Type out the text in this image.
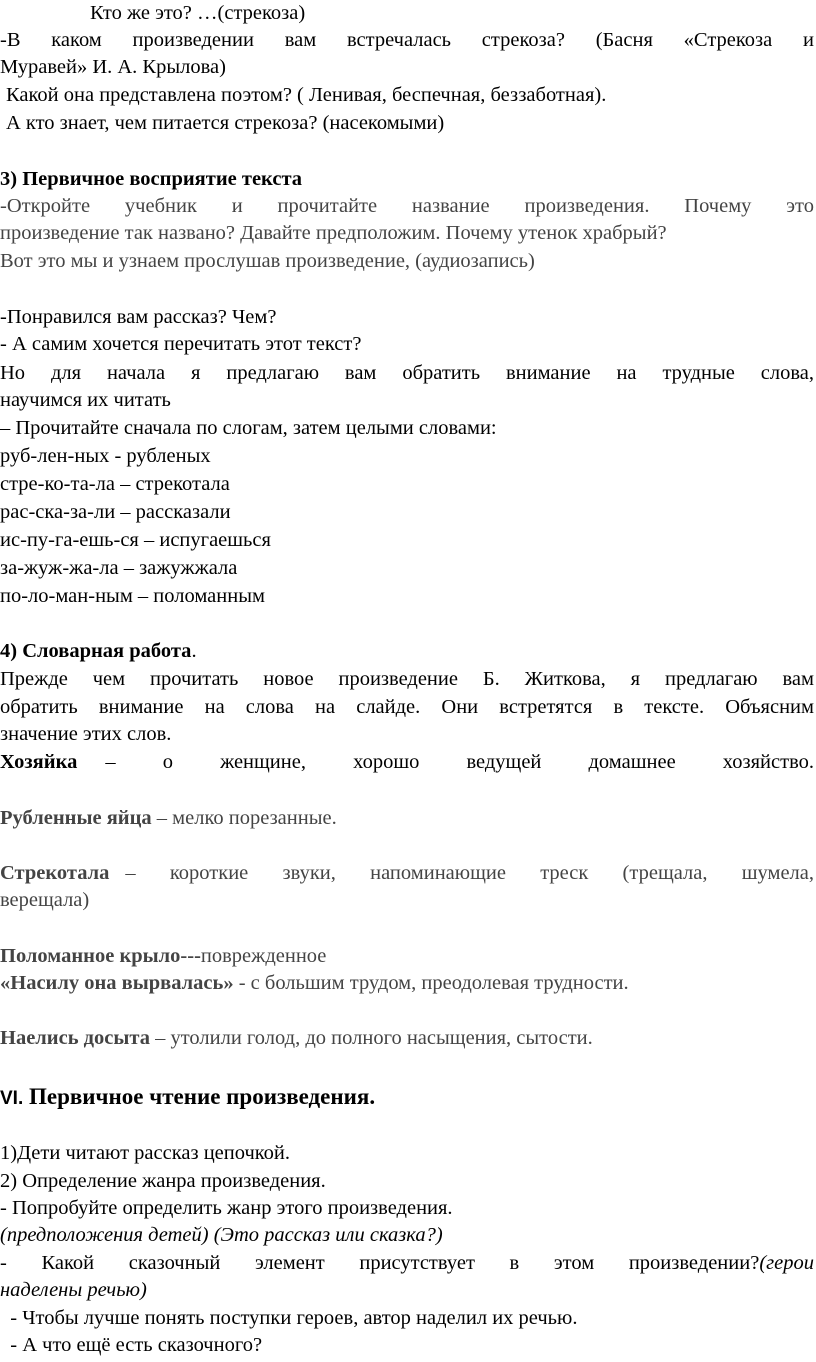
Кто же это? …(стрекоза)

-В каком произведении вам встречалась стрекоза? (Басня «Стрекоза и

Муравей» И. А. Крылова)

Какой она представлена поэтом? ( Ленивая, беспечная, беззаботная).

А кто знает, чем питается стрекоза? (насекомыми)

3) Первичное восприятие текста

-Откройте учебник и прочитайте название произведения. Почему это

произведение так названо? Давайте предположим. Почему утенок храбрый?

Вот это мы и узнаем прослушав произведение, (аудиозапись)

-Понравился вам рассказ? Чем?

- А самим хочется перечитать этот текст?

Но для начала я предлагаю вам обратить внимание на трудные слова,

научимся их читать

– Прочитайте сначала по слогам, затем целыми словами:

руб-лен-ных - рубленых

стре-ко-та-ла – стрекотала

рас-ска-за-ли – рассказали

ис-пу-га-ешь-ся – испугаешься

за-жуж-жа-ла – зажужжала

по-ло-ман-ным – поломанным

4) Словарная работа.

Прежде чем прочитать новое произведение Б. Житкова, я предлагаю вам

обратить внимание на слова на слайде. Они встретятся в тексте. Объясним

значение этих слов.

Хозяйка – о женщине, хорошо ведущей домашнее хозяйство.

Рубленные яйца – мелко порезанные.

Стрекотала – короткие звуки, напоминающие треск (трещала, шумела,

верещала)

Поломанное крыло---поврежденное

«Насилу она вырвалась» - с большим трудом, преодолевая трудности.

Наелись досыта – утолили голод, до полного насыщения, сытости.

VI. Первичное чтение произведения.

1)Дети читают рассказ цепочкой.

2) Определение жанра произведения.

- Попробуйте определить жанр этого произведения.

(предположения детей) (Это рассказ или сказка?)

- Какой сказочный элемент присутствует в этом произведении? (герои

наделены речью)

- Чтобы лучше понять поступки героев, автор наделил их речью.

- А что ещё есть сказочного?
